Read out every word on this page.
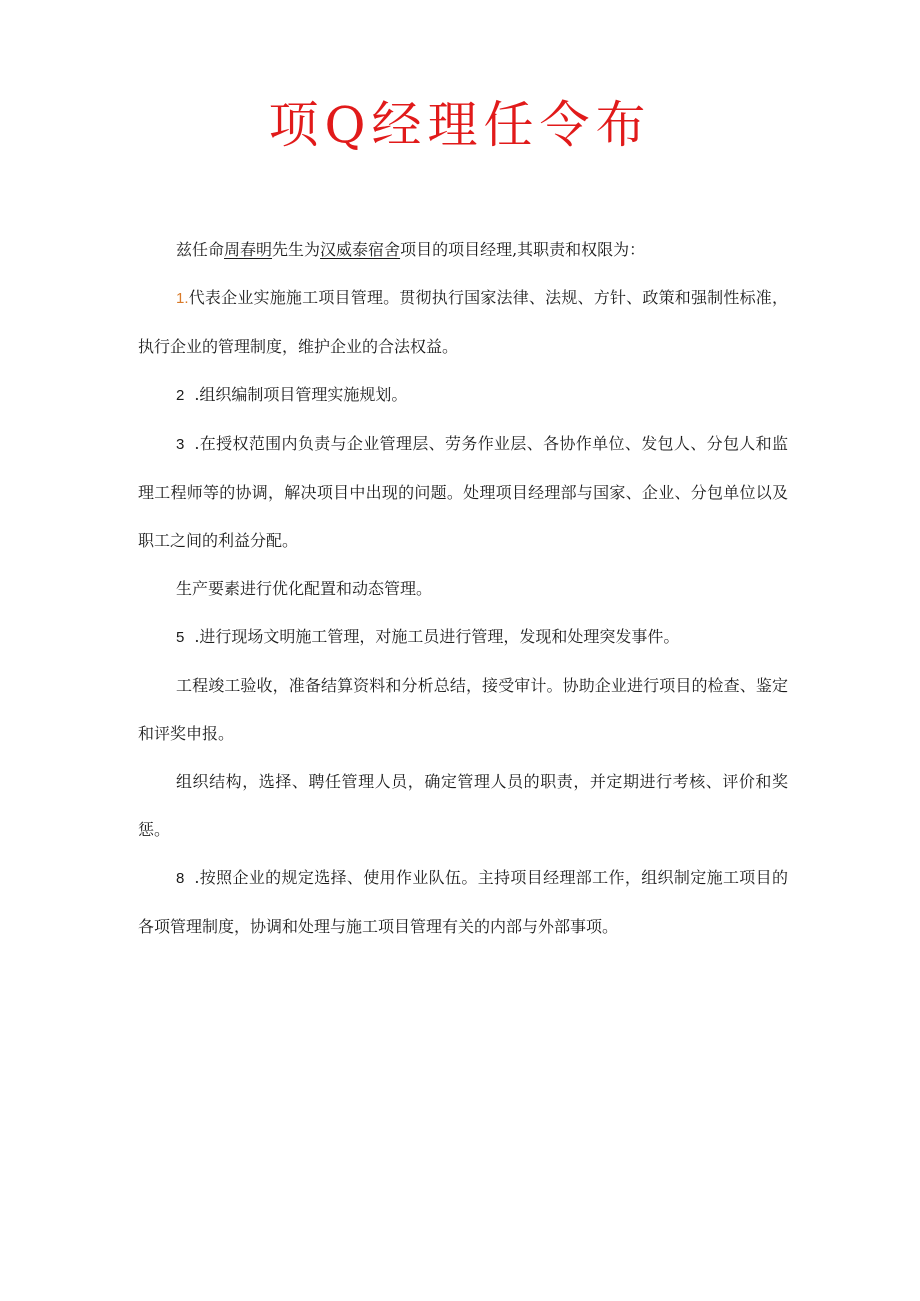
项Q经理任令布

兹任命周春明先生为汉威泰宿舍项目的项目经理,其职责和权限为：

1.代表企业实施施工项目管理。贯彻执行国家法律、法规、方针、政策和强制性标准，执行企业的管理制度，维护企业的合法权益。

2 .组织编制项目管理实施规划。

3 .在授权范围内负责与企业管理层、劳务作业层、各协作单位、发包人、分包人和监理工程师等的协调，解决项目中出现的问题。处理项目经理部与国家、企业、分包单位以及职工之间的利益分配。

生产要素进行优化配置和动态管理。

5 .进行现场文明施工管理，对施工员进行管理，发现和处理突发事件。

工程竣工验收，准备结算资料和分析总结，接受审计。协助企业进行项目的检查、鉴定和评奖申报。

组织结构，选择、聘任管理人员，确定管理人员的职责，并定期进行考核、评价和奖惩。

8 .按照企业的规定选择、使用作业队伍。主持项目经理部工作，组织制定施工项目的各项管理制度，协调和处理与施工项目管理有关的内部与外部事项。
